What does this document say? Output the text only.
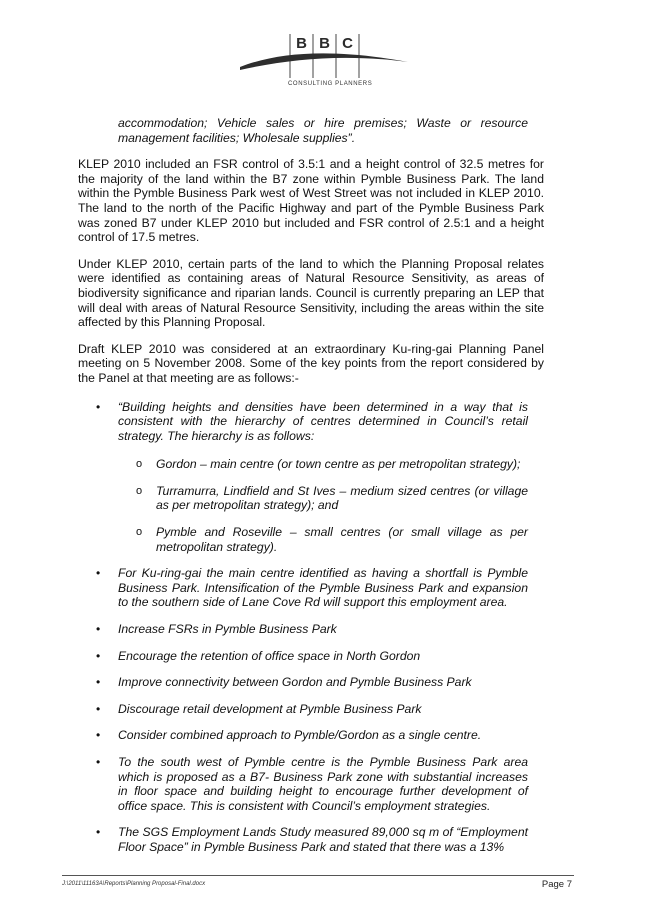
B B C
CONSULTING PLANNERS

accommodation; Vehicle sales or hire premises; Waste or resource management facilities; Wholesale supplies”.

KLEP 2010 included an FSR control of 3.5:1 and a height control of 32.5 metres for the majority of the land within the B7 zone within Pymble Business Park. The land within the Pymble Business Park west of West Street was not included in KLEP 2010. The land to the north of the Pacific Highway and part of the Pymble Business Park was zoned B7 under KLEP 2010 but included and FSR control of 2.5:1 and a height control of 17.5 metres.

Under KLEP 2010, certain parts of the land to which the Planning Proposal relates were identified as containing areas of Natural Resource Sensitivity, as areas of biodiversity significance and riparian lands. Council is currently preparing an LEP that will deal with areas of Natural Resource Sensitivity, including the areas within the site affected by this Planning Proposal.

Draft KLEP 2010 was considered at an extraordinary Ku-ring-gai Planning Panel meeting on 5 November 2008. Some of the key points from the report considered by the Panel at that meeting are as follows:-

• “Building heights and densities have been determined in a way that is consistent with the hierarchy of centres determined in Council’s retail strategy. The hierarchy is as follows:
o Gordon – main centre (or town centre as per metropolitan strategy);
o Turramurra, Lindfield and St Ives – medium sized centres (or village as per metropolitan strategy); and
o Pymble and Roseville – small centres (or small village as per metropolitan strategy).
• For Ku-ring-gai the main centre identified as having a shortfall is Pymble Business Park. Intensification of the Pymble Business Park and expansion to the southern side of Lane Cove Rd will support this employment area.
• Increase FSRs in Pymble Business Park
• Encourage the retention of office space in North Gordon
• Improve connectivity between Gordon and Pymble Business Park
• Discourage retail development at Pymble Business Park
• Consider combined approach to Pymble/Gordon as a single centre.
• To the south west of Pymble centre is the Pymble Business Park area which is proposed as a B7- Business Park zone with substantial increases in floor space and building height to encourage further development of office space. This is consistent with Council’s employment strategies.
• The SGS Employment Lands Study measured 89,000 sq m of “Employment Floor Space” in Pymble Business Park and stated that there was a 13%
J:\2011\11163A\Reports\Planning Proposal-Final.docx	Page 7
